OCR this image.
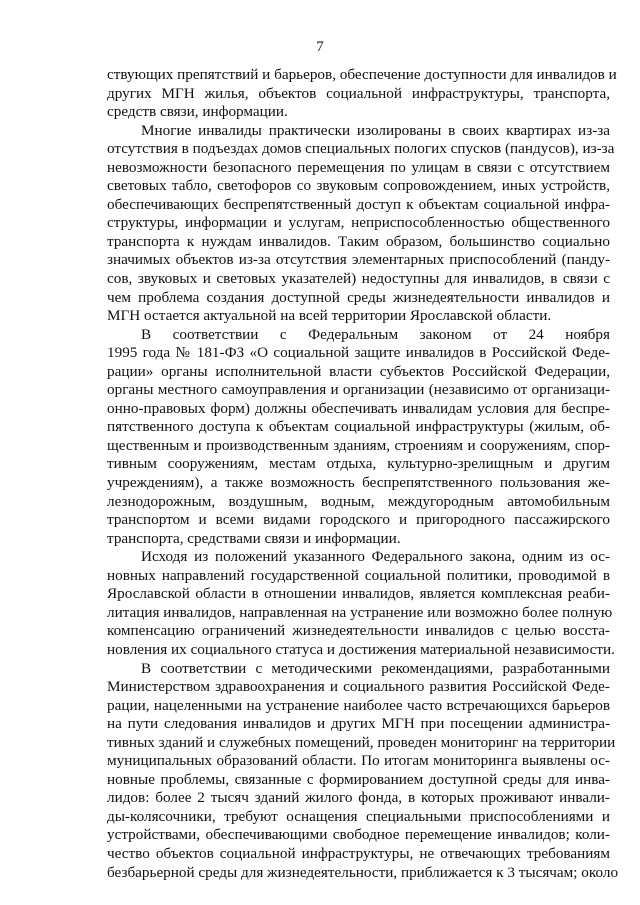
7
ствующих препятствий и барьеров, обеспечение доступности для инвалидов и
других МГН жилья, объектов социальной инфраструктуры, транспорта,
средств связи, информации.
Многие инвалиды практически изолированы в своих квартирах из-за
отсутствия в подъездах домов специальных пологих спусков (пандусов), из-за
невозможности безопасного перемещения по улицам в связи с отсутствием
световых табло, светофоров со звуковым сопровождением, иных устройств,
обеспечивающих беспрепятственный доступ к объектам социальной инфра-
структуры, информации и услугам, неприспособленностью общественного
транспорта к нуждам инвалидов. Таким образом, большинство социально
значимых объектов из-за отсутствия элементарных приспособлений (панду-
сов, звуковых и световых указателей) недоступны для инвалидов, в связи с
чем проблема создания доступной среды жизнедеятельности инвалидов и
МГН остается актуальной на всей территории Ярославской области.
В соответствии с Федеральным законом от 24 ноября
1995 года № 181-ФЗ «О социальной защите инвалидов в Российской Феде-
рации» органы исполнительной власти субъектов Российской Федерации,
органы местного самоуправления и организации (независимо от организаци-
онно-правовых форм) должны обеспечивать инвалидам условия для беспре-
пятственного доступа к объектам социальной инфраструктуры (жилым, об-
щественным и производственным зданиям, строениям и сооружениям, спор-
тивным сооружениям, местам отдыха, культурно-зрелищным и другим
учреждениям), а также возможность беспрепятственного пользования же-
лезнодорожным, воздушным, водным, междугородным автомобильным
транспортом и всеми видами городского и пригородного пассажирского
транспорта, средствами связи и информации.
Исходя из положений указанного Федерального закона, одним из ос-
новных направлений государственной социальной политики, проводимой в
Ярославской области в отношении инвалидов, является комплексная реаби-
литация инвалидов, направленная на устранение или возможно более полную
компенсацию ограничений жизнедеятельности инвалидов с целью восста-
новления их социального статуса и достижения материальной независимости.
В соответствии с методическими рекомендациями, разработанными
Министерством здравоохранения и социального развития Российской Феде-
рации, нацеленными на устранение наиболее часто встречающихся барьеров
на пути следования инвалидов и других МГН при посещении администра-
тивных зданий и служебных помещений, проведен мониторинг на территории
муниципальных образований области. По итогам мониторинга выявлены ос-
новные проблемы, связанные с формированием доступной среды для инва-
лидов: более 2 тысяч зданий жилого фонда, в которых проживают инвали-
ды-колясочники, требуют оснащения специальными приспособлениями и
устройствами, обеспечивающими свободное перемещение инвалидов; коли-
чество объектов социальной инфраструктуры, не отвечающих требованиям
безбарьерной среды для жизнедеятельности, приближается к 3 тысячам; около
